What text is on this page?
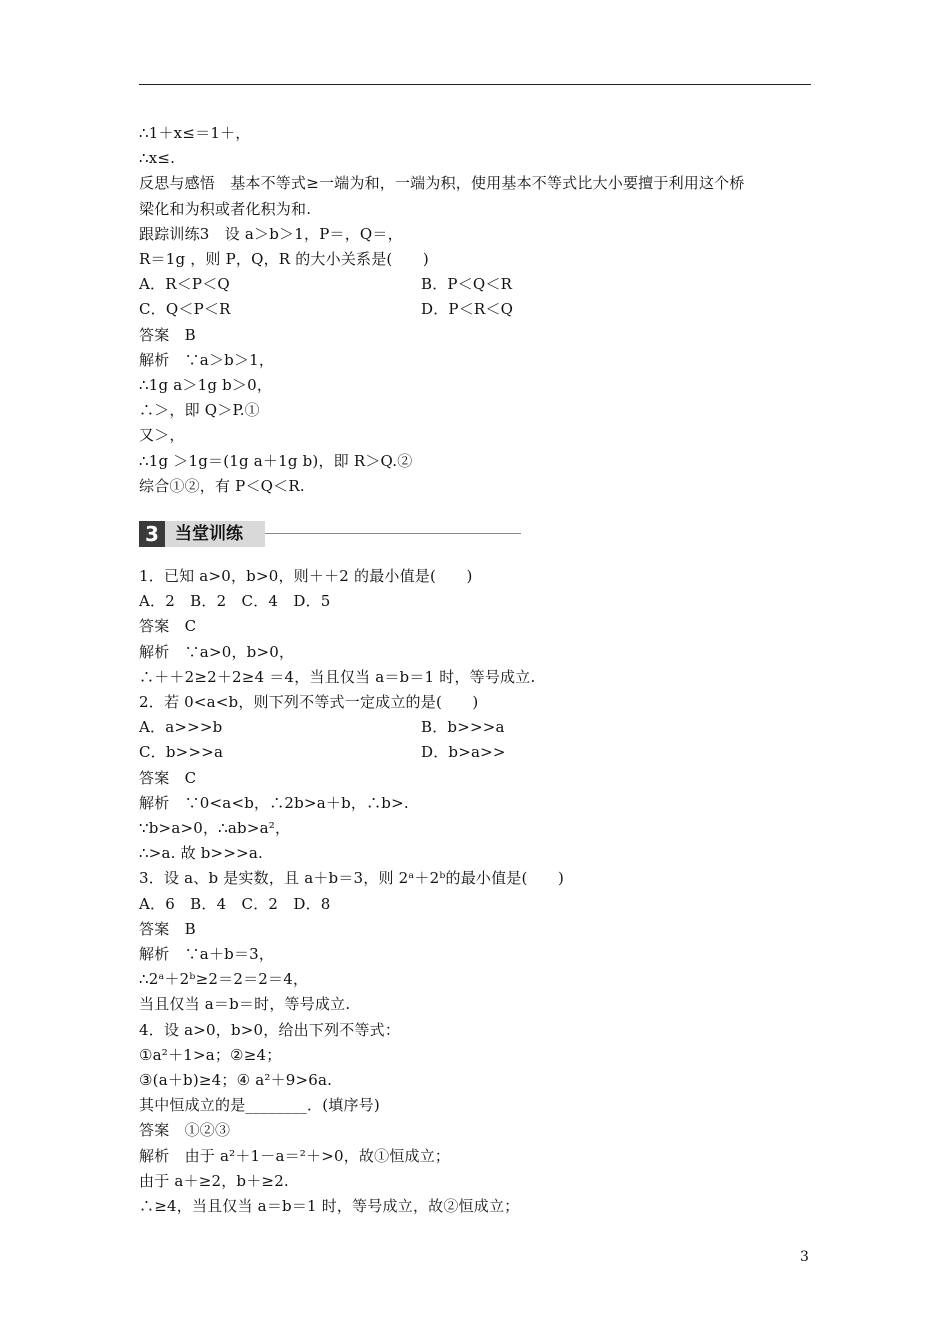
∴1＋x≤＝1＋，
∴x≤.
反思与感悟　基本不等式≥一端为和，一端为积，使用基本不等式比大小要擅于利用这个桥
梁化和为积或者化积为和.
跟踪训练3　设 a＞b＞1，P＝，Q＝，
R＝1g ，则 P，Q，R 的大小关系是(　　)
A．R＜P＜Q	B．P＜Q＜R
C．Q＜P＜R	D．P＜R＜Q
答案　B
解析　∵a＞b＞1，
∴1g a＞1g b＞0，
∴＞，即 Q＞P.①
又＞，
∴1g ＞1g＝(1g a＋1g b)，即 R＞Q.②
综合①②，有 P＜Q＜R.
3 当堂训练
1．已知 a>0，b>0，则＋＋2 的最小值是(　　)
A．2　B．2　C．4　D．5
答案　C
解析　∵a>0，b>0，
∴＋＋2≥2＋2≥4 ＝4，当且仅当 a＝b＝1 时，等号成立.
2．若 0<a<b，则下列不等式一定成立的是(　　)
A．a>>>b	B．b>>>a
C．b>>>a	D．b>a>>
答案　C
解析　∵0<a<b，∴2b>a＋b，∴b>.
∵b>a>0，∴ab>a²，
∴>a. 故 b>>>a.
3．设 a、b 是实数，且 a＋b＝3，则 2ᵃ＋2ᵇ的最小值是(　　)
A．6　B．4　C．2　D．8
答案　B
解析　∵a＋b＝3，
∴2ᵃ＋2ᵇ≥2＝2＝2＝4，
当且仅当 a＝b＝时，等号成立.
4．设 a>0，b>0，给出下列不等式：
①a²＋1>a；②≥4；
③(a＋b)≥4；④ a²＋9>6a.
其中恒成立的是________．(填序号)
答案　①②③
解析　由于 a²＋1－a＝²＋>0，故①恒成立；
由于 a＋≥2，b＋≥2.
∴≥4，当且仅当 a＝b＝1 时，等号成立，故②恒成立；
3
